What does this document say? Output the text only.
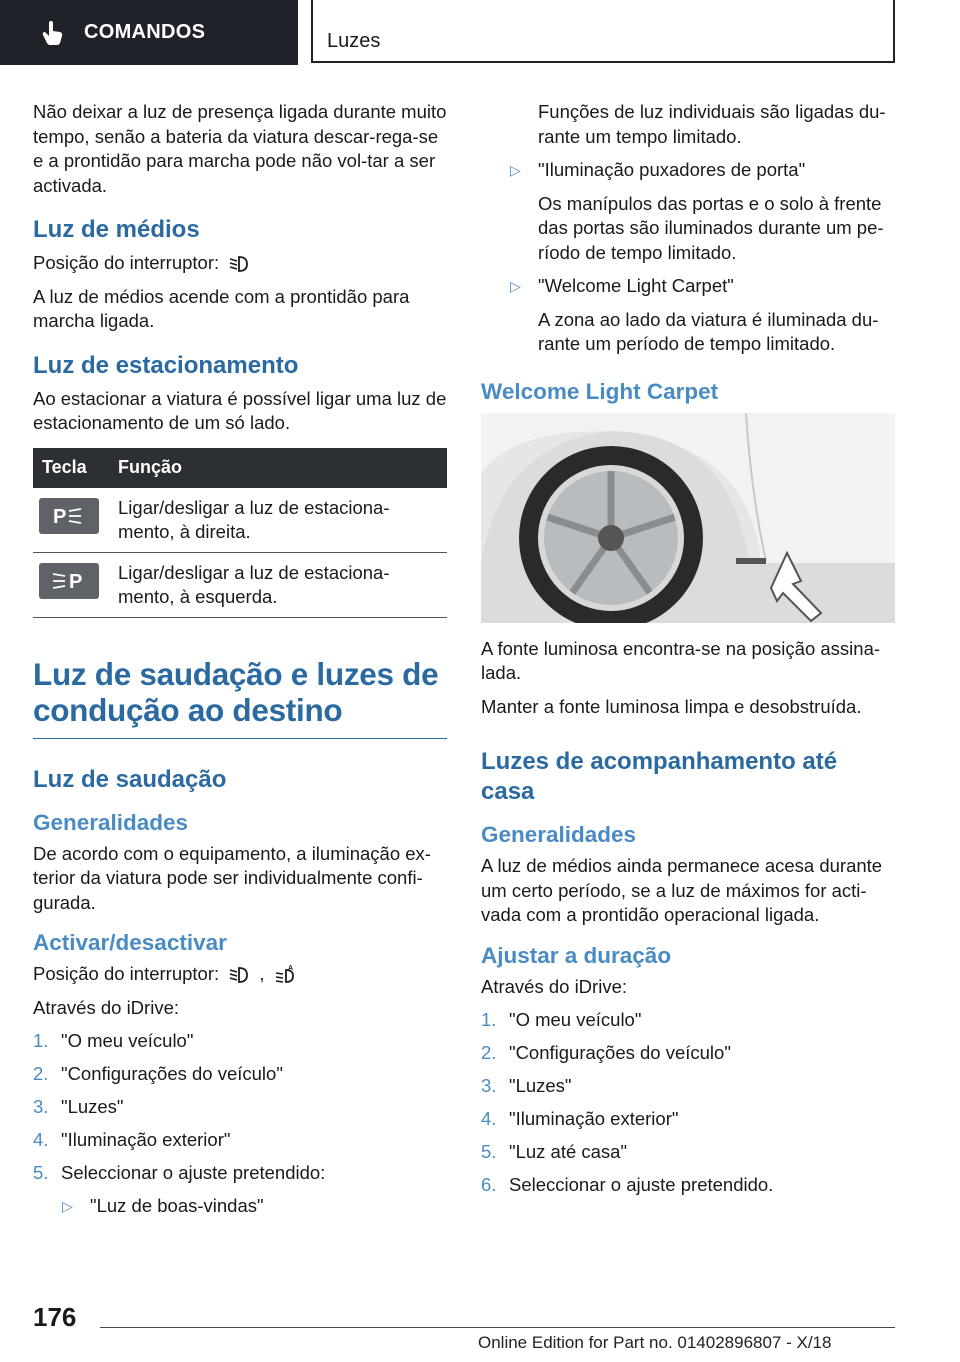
COMANDOS	Luzes

Não deixar a luz de presença ligada durante muito tempo, senão a bateria da viatura descar-rega-se e a prontidão para marcha pode não vol-tar a ser activada.

Luz de médios

Posição do interruptor:

A luz de médios acende com a prontidão para marcha ligada.

Luz de estacionamento

Ao estacionar a viatura é possível ligar uma luz de estacionamento de um só lado.

Tecla	Função

P	Ligar/desligar a luz de estaciona-mento, à direita.

P	Ligar/desligar a luz de estaciona-mento, à esquerda.
Luz de saudação e luzes de condução ao destino
Luz de saudação
Generalidades

De acordo com o equipamento, a iluminação ex-terior da viatura pode ser individualmente confi-gurada.

Activar/desactivar

Posição do interruptor: ,	A

Através do iDrive:

1. "O meu veículo"
2. "Configurações do veículo"
3. "Luzes"
4. "Iluminação exterior"
5. Seleccionar o ajuste pretendido:
▷ "Luz de boas-vindas"
Funções de luz individuais são ligadas du-rante um tempo limitado.
▷ "Iluminação puxadores de porta"
Os manípulos das portas e o solo à frente das portas são iluminados durante um pe-ríodo de tempo limitado.
▷ "Welcome Light Carpet"
A zona ao lado da viatura é iluminada du-rante um período de tempo limitado.
Welcome Light Carpet

A fonte luminosa encontra-se na posição assina-lada.

Manter a fonte luminosa limpa e desobstruída.

Luzes de acompanhamento até casa
Generalidades

A luz de médios ainda permanece acesa durante um certo período, se a luz de máximos for acti-vada com a prontidão operacional ligada.

Ajustar a duração

Através do iDrive:

1. "O meu veículo"
2. "Configurações do veículo"
3. "Luzes"
4. "Iluminação exterior"
5. "Luz até casa"
6. Seleccionar o ajuste pretendido.
176
Online Edition for Part no. 01402896807 - X/18
